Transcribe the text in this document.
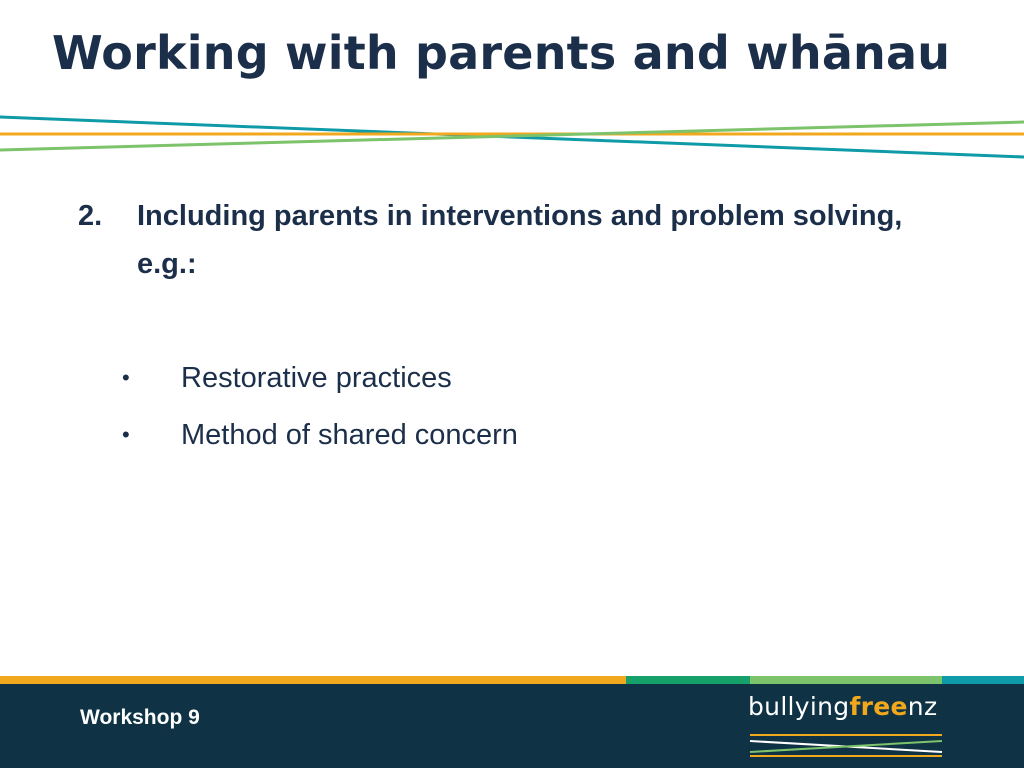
Working with parents and whānau
2. Including parents in interventions and problem solving, e.g.:
• Restorative practices
• Method of shared concern
Workshop 9	bullyingfreenz
